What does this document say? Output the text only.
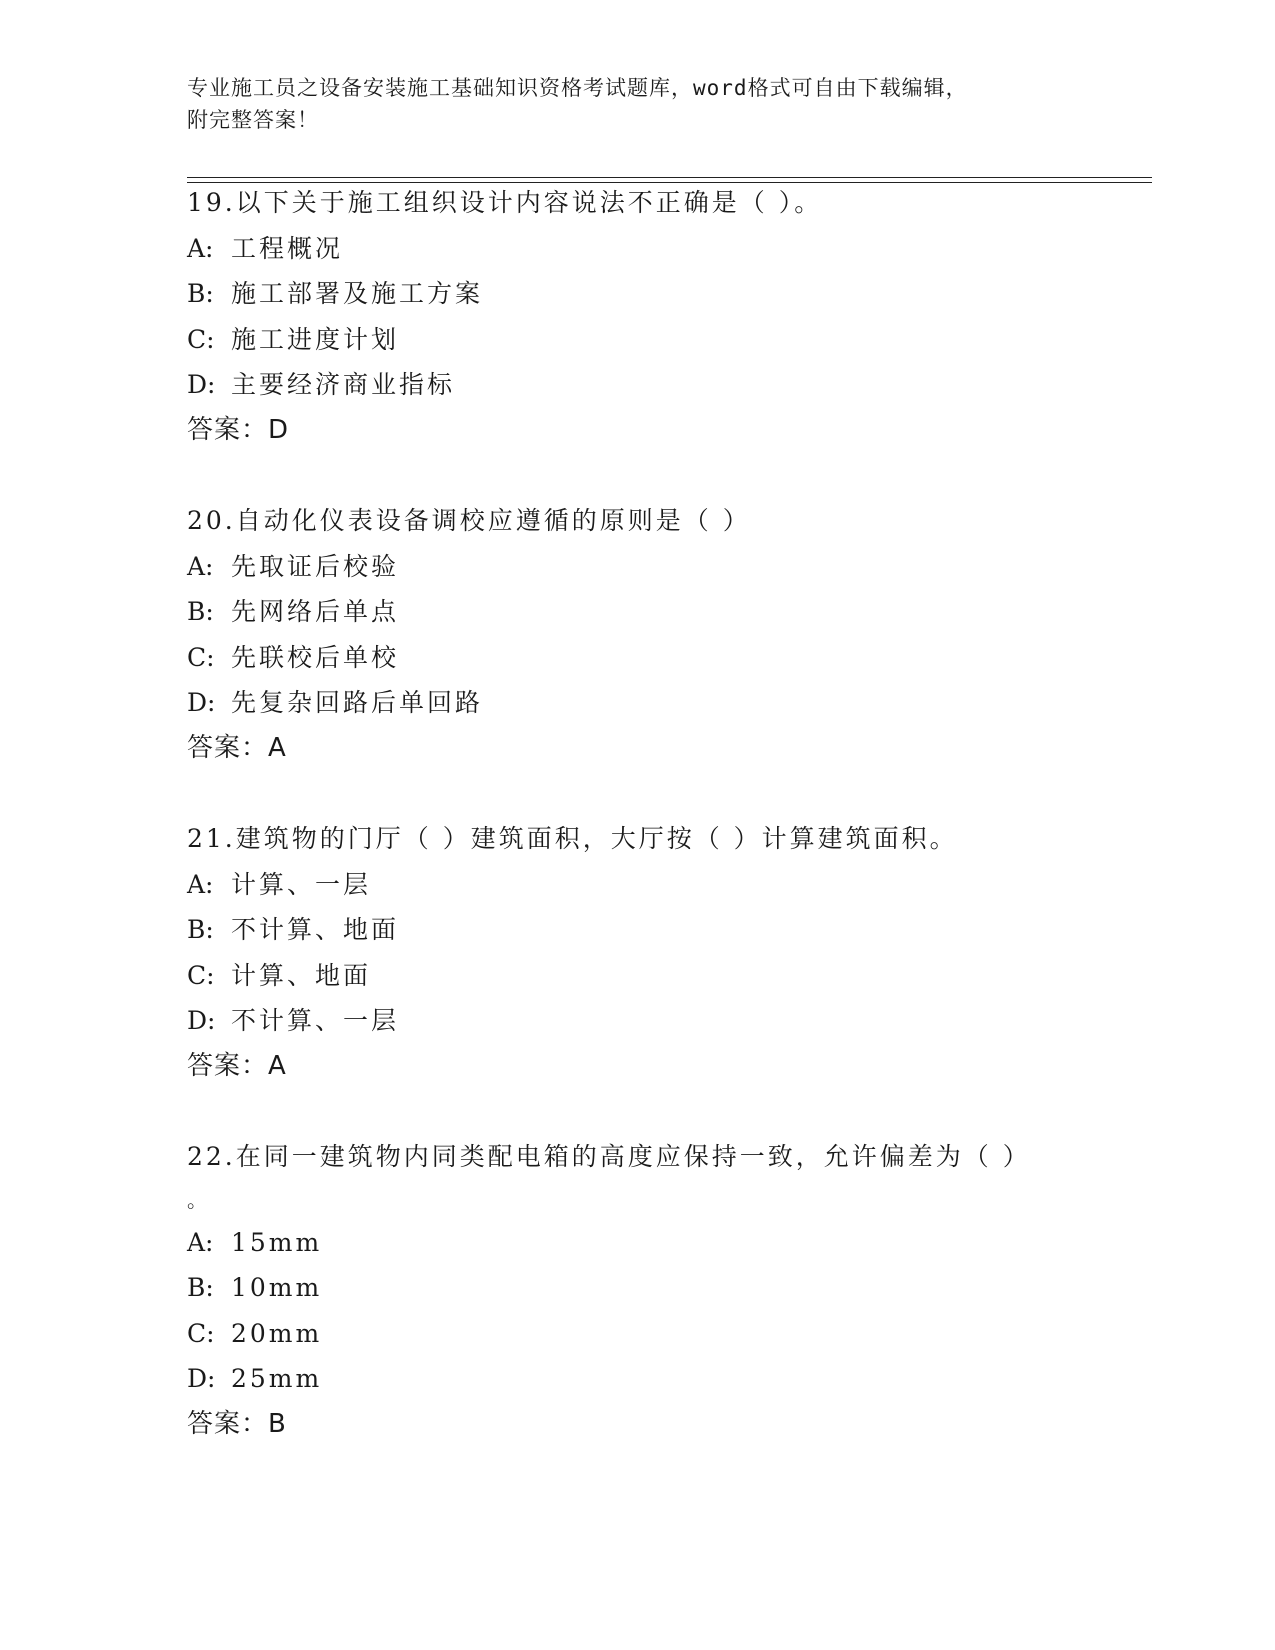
专业施工员之设备安装施工基础知识资格考试题库，word格式可自由下载编辑，
附完整答案！
19.以下关于施工组织设计内容说法不正确是（ ）。
A: 工程概况
B: 施工部署及施工方案
C: 施工进度计划
D: 主要经济商业指标
答案：D
20.自动化仪表设备调校应遵循的原则是（ ）
A: 先取证后校验
B: 先网络后单点
C: 先联校后单校
D: 先复杂回路后单回路
答案：A
21.建筑物的门厅（ ）建筑面积，大厅按（ ）计算建筑面积。
A: 计算、一层
B: 不计算、地面
C: 计算、地面
D: 不计算、一层
答案：A
22.在同一建筑物内同类配电箱的高度应保持一致，允许偏差为（ ）
。
A: 15mm
B: 10mm
C: 20mm
D: 25mm
答案：B
